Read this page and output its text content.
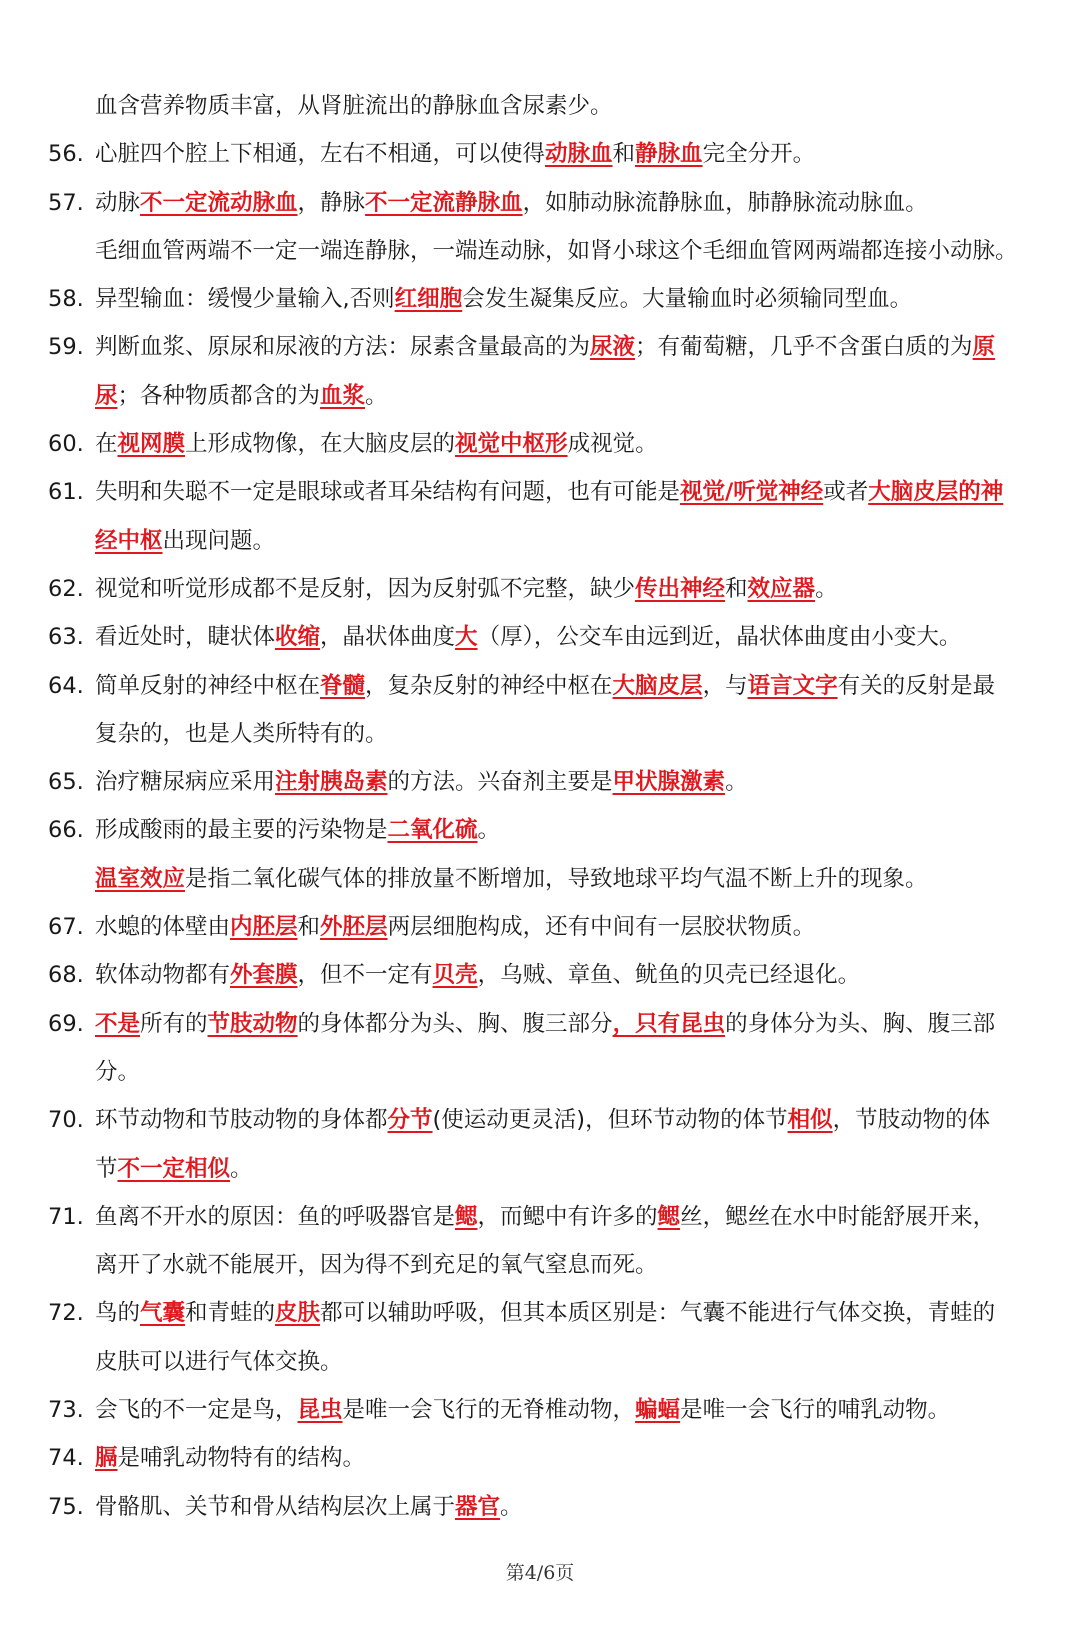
血含营养物质丰富，从肾脏流出的静脉血含尿素少。
56. 心脏四个腔上下相通，左右不相通，可以使得动脉血和静脉血完全分开。
57. 动脉不一定流动脉血，静脉不一定流静脉血，如肺动脉流静脉血，肺静脉流动脉血。
毛细血管两端不一定一端连静脉，一端连动脉，如肾小球这个毛细血管网两端都连接小动脉。
58. 异型输血：缓慢少量输入,否则红细胞会发生凝集反应。大量输血时必须输同型血。
59. 判断血浆、原尿和尿液的方法：尿素含量最高的为尿液；有葡萄糖，几乎不含蛋白质的为原
尿；各种物质都含的为血浆。
60. 在视网膜上形成物像，在大脑皮层的视觉中枢形成视觉。
61. 失明和失聪不一定是眼球或者耳朵结构有问题，也有可能是视觉/听觉神经或者大脑皮层的神
经中枢出现问题。
62. 视觉和听觉形成都不是反射，因为反射弧不完整，缺少传出神经和效应器。
63. 看近处时，睫状体收缩，晶状体曲度大（厚），公交车由远到近，晶状体曲度由小变大。
64. 简单反射的神经中枢在脊髓，复杂反射的神经中枢在大脑皮层，与语言文字有关的反射是最
复杂的，也是人类所特有的。
65. 治疗糖尿病应采用注射胰岛素的方法。兴奋剂主要是甲状腺激素。
66. 形成酸雨的最主要的污染物是二氧化硫。
温室效应是指二氧化碳气体的排放量不断增加，导致地球平均气温不断上升的现象。
67. 水螅的体壁由内胚层和外胚层两层细胞构成，还有中间有一层胶状物质。
68. 软体动物都有外套膜，但不一定有贝壳，乌贼、章鱼、鱿鱼的贝壳已经退化。
69. 不是所有的节肢动物的身体都分为头、胸、腹三部分，只有昆虫的身体分为头、胸、腹三部
分。
70. 环节动物和节肢动物的身体都分节(使运动更灵活)，但环节动物的体节相似，节肢动物的体
节不一定相似。
71. 鱼离不开水的原因：鱼的呼吸器官是鳃，而鳃中有许多的鳃丝，鳃丝在水中时能舒展开来，
离开了水就不能展开，因为得不到充足的氧气窒息而死。
72. 鸟的气囊和青蛙的皮肤都可以辅助呼吸，但其本质区别是：气囊不能进行气体交换，青蛙的
皮肤可以进行气体交换。
73. 会飞的不一定是鸟，昆虫是唯一会飞行的无脊椎动物，蝙蝠是唯一会飞行的哺乳动物。
74. 膈是哺乳动物特有的结构。
75. 骨骼肌、关节和骨从结构层次上属于器官。
第4/6页
